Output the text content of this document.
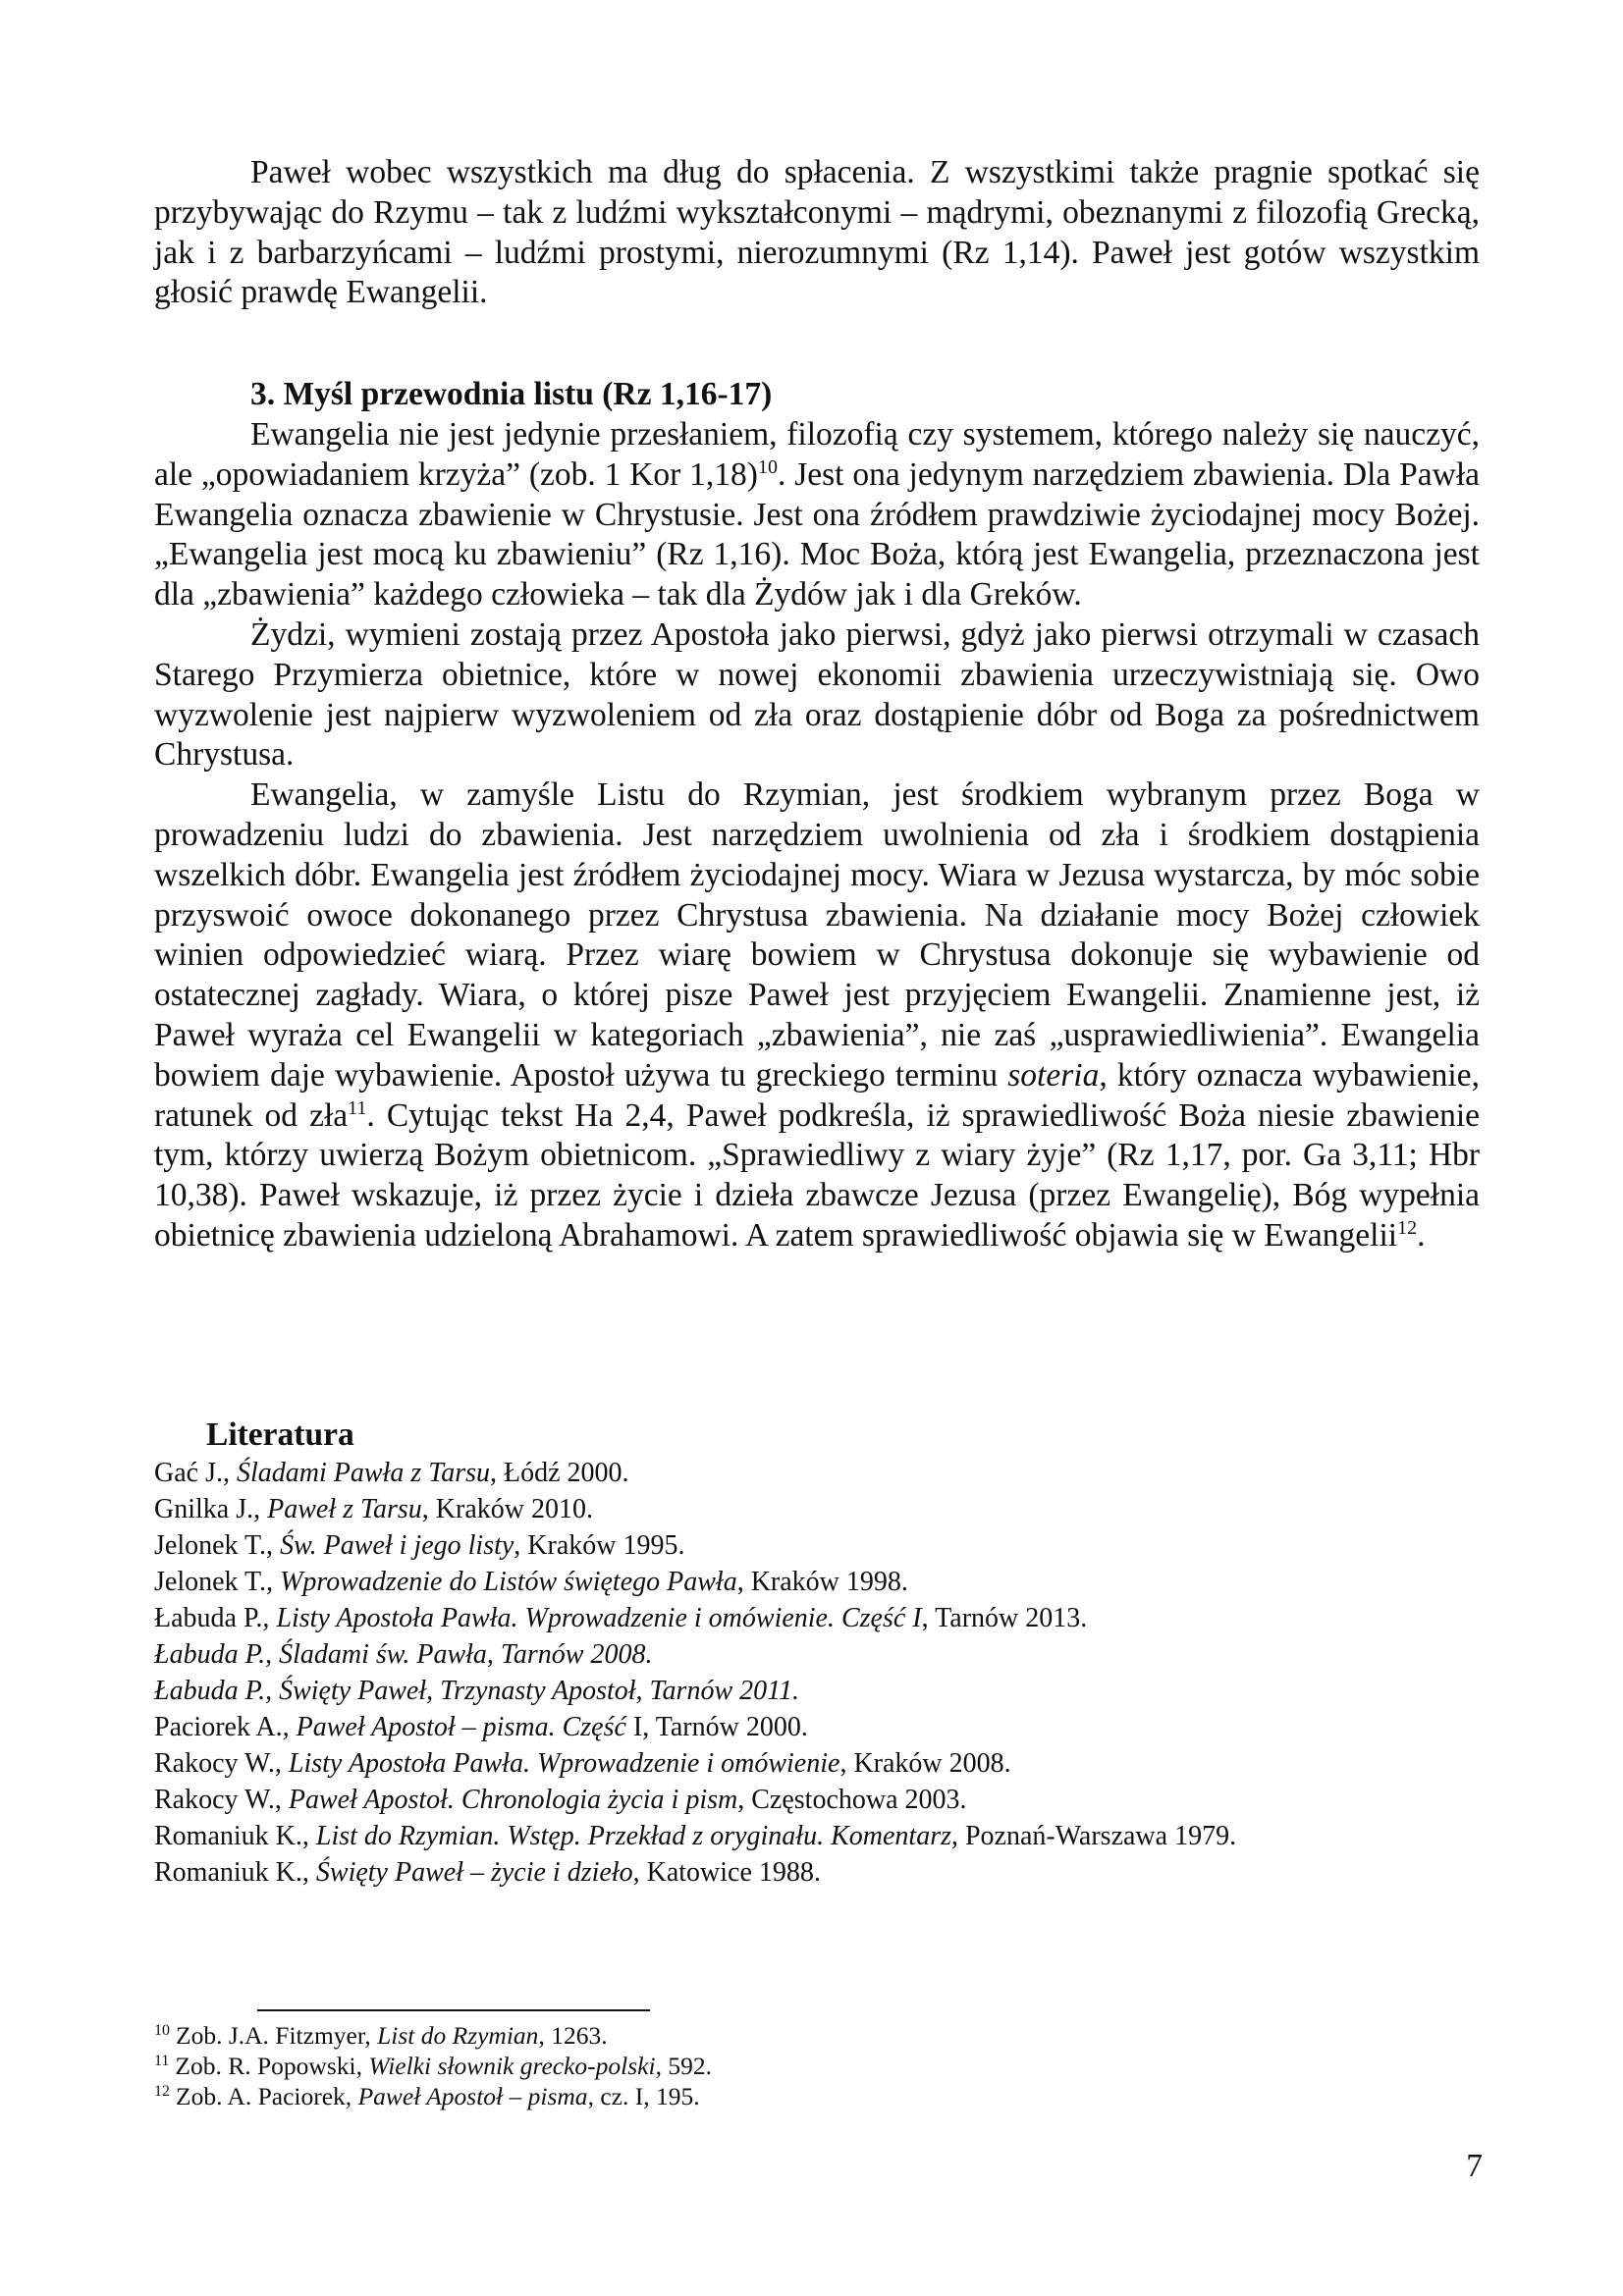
Paweł wobec wszystkich ma dług do spłacenia. Z wszystkimi także pragnie spotkać się przybywając do Rzymu – tak z ludźmi wykształconymi – mądrymi, obeznanymi z filozofią Grecką, jak i z barbarzyńcami – ludźmi prostymi, nierozumnymi (Rz 1,14). Paweł jest gotów wszystkim głosić prawdę Ewangelii.

3. Myśl przewodnia listu (Rz 1,16-17)

Ewangelia nie jest jedynie przesłaniem, filozofią czy systemem, którego należy się nauczyć, ale „opowiadaniem krzyża” (zob. 1 Kor 1,18)$^{10}$. Jest ona jedynym narzędziem zbawienia. Dla Pawła Ewangelia oznacza zbawienie w Chrystusie. Jest ona źródłem prawdziwie życiodajnej mocy Bożej. „Ewangelia jest mocą ku zbawieniu” (Rz 1,16). Moc Boża, którą jest Ewangelia, przeznaczona jest dla „zbawienia” każdego człowieka – tak dla Żydów jak i dla Greków.

Żydzi, wymieni zostają przez Apostoła jako pierwsi, gdyż jako pierwsi otrzymali w czasach Starego Przymierza obietnice, które w nowej ekonomii zbawienia urzeczywistniają się. Owo wyzwolenie jest najpierw wyzwoleniem od zła oraz dostąpienie dóbr od Boga za pośrednictwem Chrystusa.

Ewangelia, w zamyśle Listu do Rzymian, jest środkiem wybranym przez Boga w prowadzeniu ludzi do zbawienia. Jest narzędziem uwolnienia od zła i środkiem dostąpienia wszelkich dóbr. Ewangelia jest źródłem życiodajnej mocy. Wiara w Jezusa wystarcza, by móc sobie przyswoić owoce dokonanego przez Chrystusa zbawienia. Na działanie mocy Bożej człowiek winien odpowiedzieć wiarą. Przez wiarę bowiem w Chrystusa dokonuje się wybawienie od ostatecznej zagłady. Wiara, o której pisze Paweł jest przyjęciem Ewangelii. Znamienne jest, iż Paweł wyraża cel Ewangelii w kategoriach „zbawienia”, nie zaś „usprawiedliwienia”. Ewangelia bowiem daje wybawienie. Apostoł używa tu greckiego terminu soteria, który oznacza wybawienie, ratunek od zła$^{11}$. Cytując tekst Ha 2,4, Paweł podkreśla, iż sprawiedliwość Boża niesie zbawienie tym, którzy uwierzą Bożym obietnicom. „Sprawiedliwy z wiary żyje” (Rz 1,17, por. Ga 3,11; Hbr 10,38). Paweł wskazuje, iż przez życie i dzieła zbawcze Jezusa (przez Ewangelię), Bóg wypełnia obietnicę zbawienia udzieloną Abrahamowi. A zatem sprawiedliwość objawia się w Ewangelii$^{12}$.

Literatura
Gać J., Śladami Pawła z Tarsu, Łódź 2000.
Gnilka J., Paweł z Tarsu, Kraków 2010.
Jelonek T., Św. Paweł i jego listy, Kraków 1995.
Jelonek T., Wprowadzenie do Listów świętego Pawła, Kraków 1998.
Łabuda P., Listy Apostoła Pawła. Wprowadzenie i omówienie. Część I, Tarnów 2013.
Łabuda P., Śladami św. Pawła, Tarnów 2008.
Łabuda P., Święty Paweł, Trzynasty Apostoł, Tarnów 2011.
Paciorek A., Paweł Apostoł – pisma. Część I, Tarnów 2000.
Rakocy W., Listy Apostoła Pawła. Wprowadzenie i omówienie, Kraków 2008.
Rakocy W., Paweł Apostoł. Chronologia życia i pism, Częstochowa 2003.
Romaniuk K., List do Rzymian. Wstęp. Przekład z oryginału. Komentarz, Poznań-Warszawa 1979.
Romaniuk K., Święty Paweł – życie i dzieło, Katowice 1988.
$^{10}$ Zob. J.A. Fitzmyer, List do Rzymian, 1263.
$^{11}$ Zob. R. Popowski, Wielki słownik grecko-polski, 592.
$^{12}$ Zob. A. Paciorek, Paweł Apostoł – pisma, cz. I, 195.
7
